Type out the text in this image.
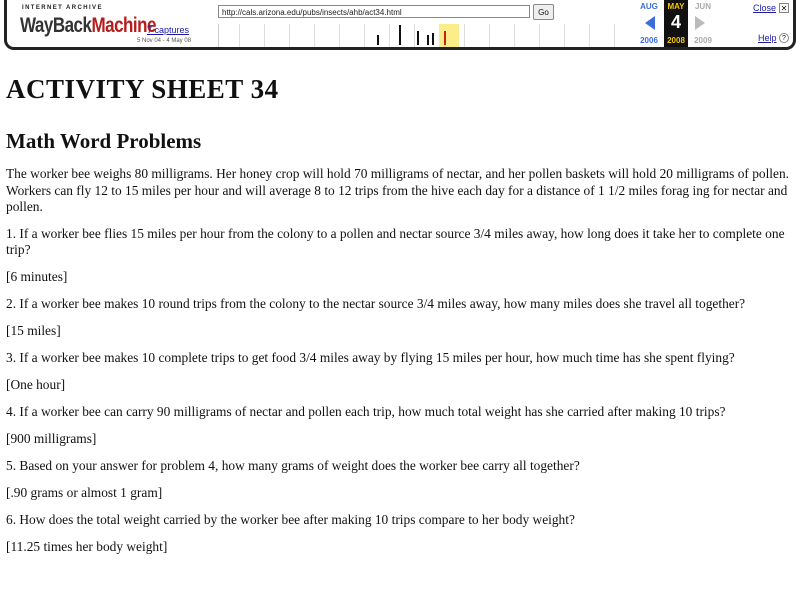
INTERNET ARCHIVE
WayBackMachine
7 captures
5 Nov 04 - 4 May 08
http://cals.arizona.edu/pubs/insects/ahb/act34.html	Go
AUG	MAY
4
JUN
2006	2008	2009
Close ✕
Help ?
ACTIVITY SHEET 34
Math Word Problems

The worker bee weighs 80 milligrams. Her honey crop will hold 70 milligrams of nectar, and her pollen baskets will hold 20 milligrams of pollen. Workers can fly 12 to 15 miles per hour and will average 8 to 12 trips from the hive each day for a distance of 1 1/2 miles forag ing for nectar and pollen.

1. If a worker bee flies 15 miles per hour from the colony to a pollen and nectar source 3/4 miles away, how long does it take her to complete one trip?

[6 minutes]

2. If a worker bee makes 10 round trips from the colony to the nectar source 3/4 miles away, how many miles does she travel all together?

[15 miles]

3. If a worker bee makes 10 complete trips to get food 3/4 miles away by flying 15 miles per hour, how much time has she spent flying?

[One hour]

4. If a worker bee can carry 90 milligrams of nectar and pollen each trip, how much total weight has she carried after making 10 trips?

[900 milligrams]

5. Based on your answer for problem 4, how many grams of weight does the worker bee carry all together?

[.90 grams or almost 1 gram]

6. How does the total weight carried by the worker bee after making 10 trips compare to her body weight?

[11.25 times her body weight]
